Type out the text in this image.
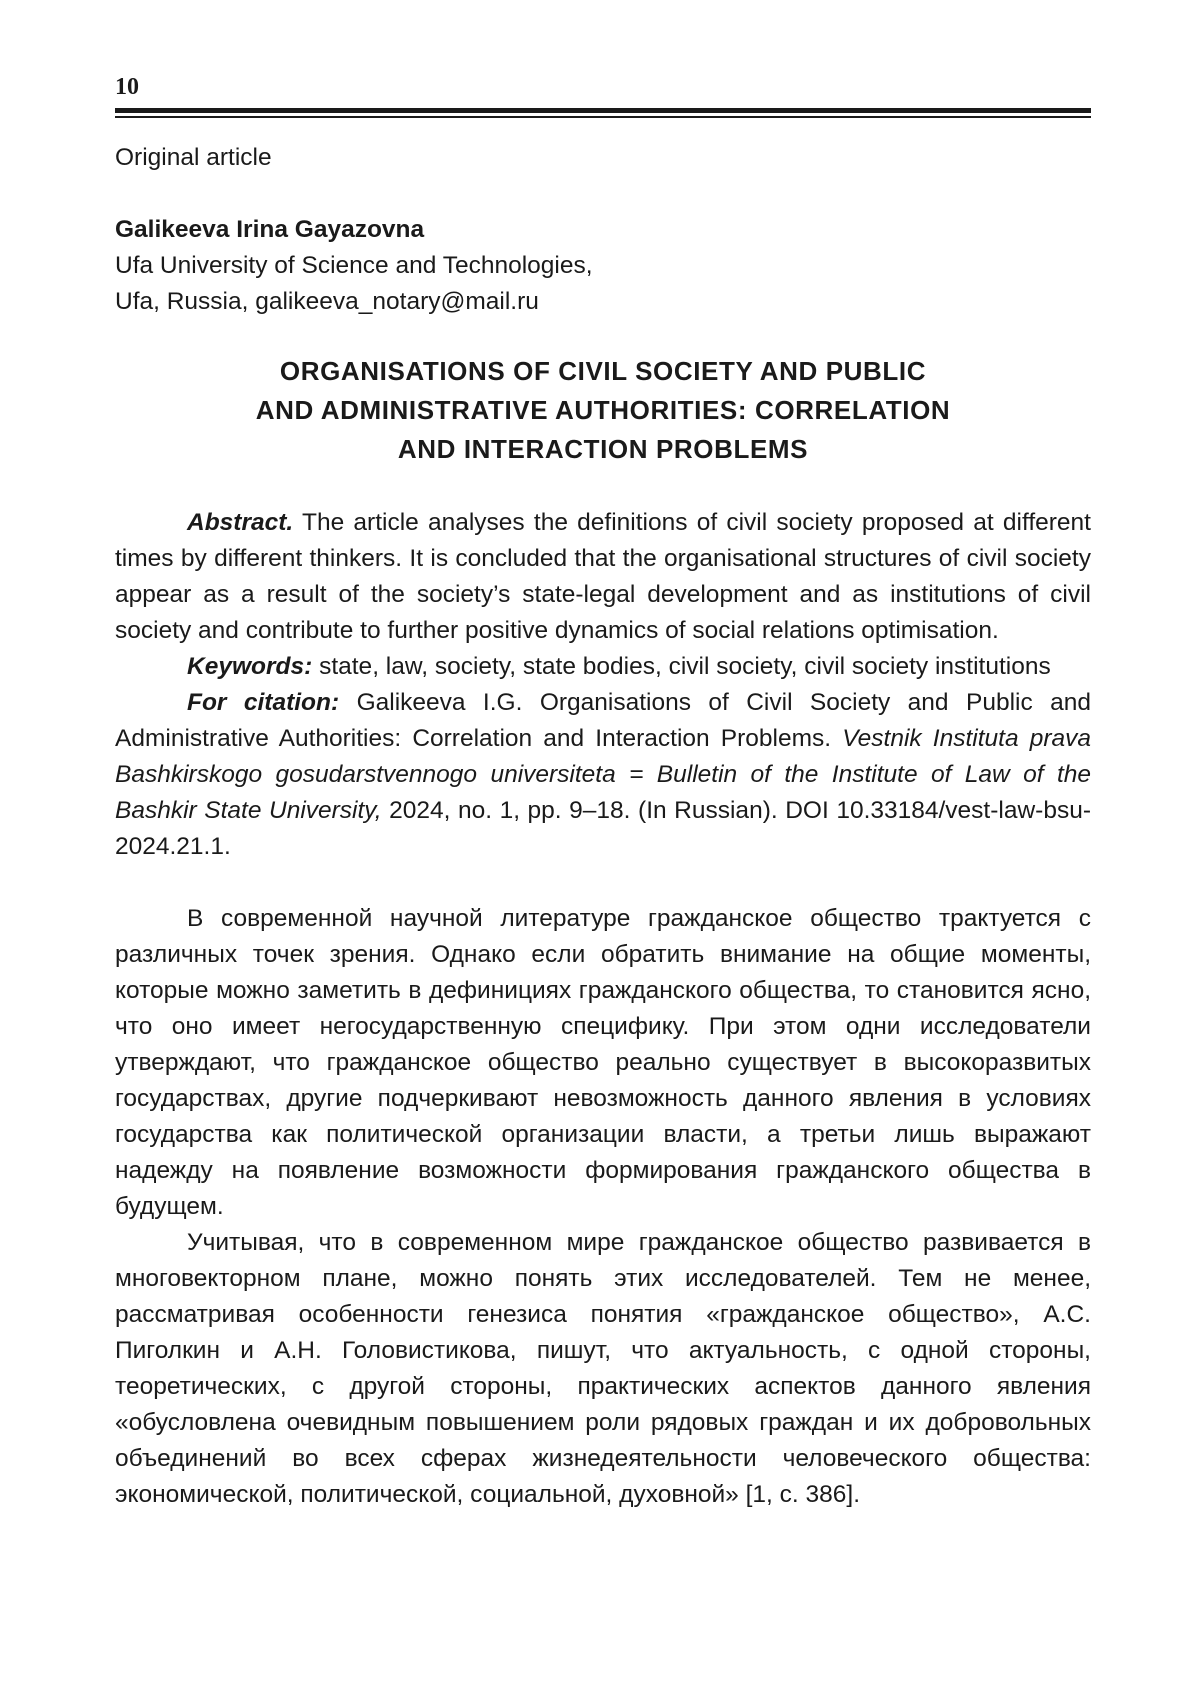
10

Original article

Galikeeva Irina Gayazovna

Ufa University of Science and Technologies,

Ufa, Russia, galikeeva_notary@mail.ru

ORGANISATIONS OF CIVIL SOCIETY AND PUBLIC
AND ADMINISTRATIVE AUTHORITIES: CORRELATION
AND INTERACTION PROBLEMS

Abstract. The article analyses the definitions of civil society proposed at different times by different thinkers. It is concluded that the organisational structures of civil society appear as a result of the society’s state-legal development and as institutions of civil society and contribute to further positive dynamics of social relations optimisation.

Keywords: state, law, society, state bodies, civil society, civil society institutions

For citation: Galikeeva I.G. Organisations of Civil Society and Public and Administrative Authorities: Correlation and Interaction Problems. Vestnik Instituta prava Bashkirskogo gosudarstvennogo universiteta = Bulletin of the Institute of Law of the Bashkir State University, 2024, no. 1, pp. 9–18. (In Russian). DOI 10.33184/vest-law-bsu-2024.21.1.

В современной научной литературе гражданское общество трактуется с различных точек зрения. Однако если обратить внимание на общие моменты, которые можно заметить в дефинициях гражданского общества, то становится ясно, что оно имеет негосударственную специфику. При этом одни исследователи утверждают, что гражданское общество реально существует в высокоразвитых государствах, другие подчеркивают невозможность данного явления в условиях государства как политической организации власти, а третьи лишь выражают надежду на появление возможности формирования гражданского общества в будущем.

Учитывая, что в современном мире гражданское общество развивается в многовекторном плане, можно понять этих исследователей. Тем не менее, рассматривая особенности генезиса понятия «гражданское общество», А.С. Пиголкин и А.Н. Головистикова, пишут, что актуальность, с одной стороны, теоретических, с другой стороны, практических аспектов данного явления «обусловлена очевидным повышением роли рядовых граждан и их добровольных объединений во всех сферах жизнедеятельности человеческого общества: экономической, политической, социальной, духовной» [1, с. 386].
